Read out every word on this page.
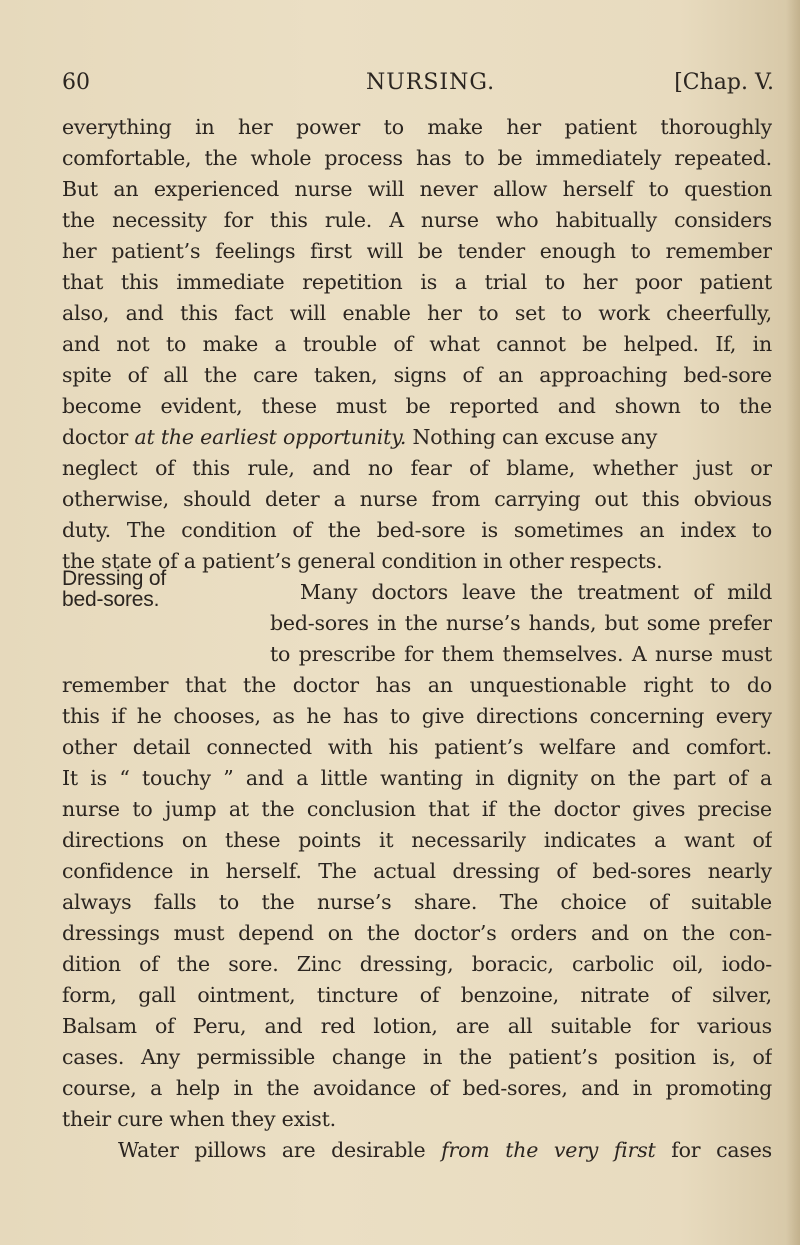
60	NURSING.	[Chap. V.
everything in her power to make her patient thoroughly
comfortable, the whole process has to be immediately repeated.
But an experienced nurse will never allow herself to question
the necessity for this rule. A nurse who habitually considers
her patient’s feelings first will be tender enough to remember
that this immediate repetition is a trial to her poor patient
also, and this fact will enable her to set to work cheerfully,
and not to make a trouble of what cannot be helped. If, in
spite of all the care taken, signs of an approaching bed-sore
become evident, these must be reported and shown to the
doctor at the earliest opportunity. Nothing can excuse any
neglect of this rule, and no fear of blame, whether just or
otherwise, should deter a nurse from carrying out this obvious
duty. The condition of the bed-sore is sometimes an index to
the state of a patient’s general condition in other respects.
Dressing of
bed-sores.	Many doctors leave the treatment of mild
bed-sores in the nurse’s hands, but some prefer
to prescribe for them themselves. A nurse must
remember that the doctor has an unquestionable right to do
this if he chooses, as he has to give directions concerning every
other detail connected with his patient’s welfare and comfort.
It is “ touchy ” and a little wanting in dignity on the part of a
nurse to jump at the conclusion that if the doctor gives precise
directions on these points it necessarily indicates a want of
confidence in herself. The actual dressing of bed-sores nearly
always falls to the nurse’s share. The choice of suitable
dressings must depend on the doctor’s orders and on the con-
dition of the sore. Zinc dressing, boracic, carbolic oil, iodo-
form, gall ointment, tincture of benzoine, nitrate of silver,
Balsam of Peru, and red lotion, are all suitable for various
cases. Any permissible change in the patient’s position is, of
course, a help in the avoidance of bed-sores, and in promoting
their cure when they exist.
Water pillows are desirable from the very first for cases
